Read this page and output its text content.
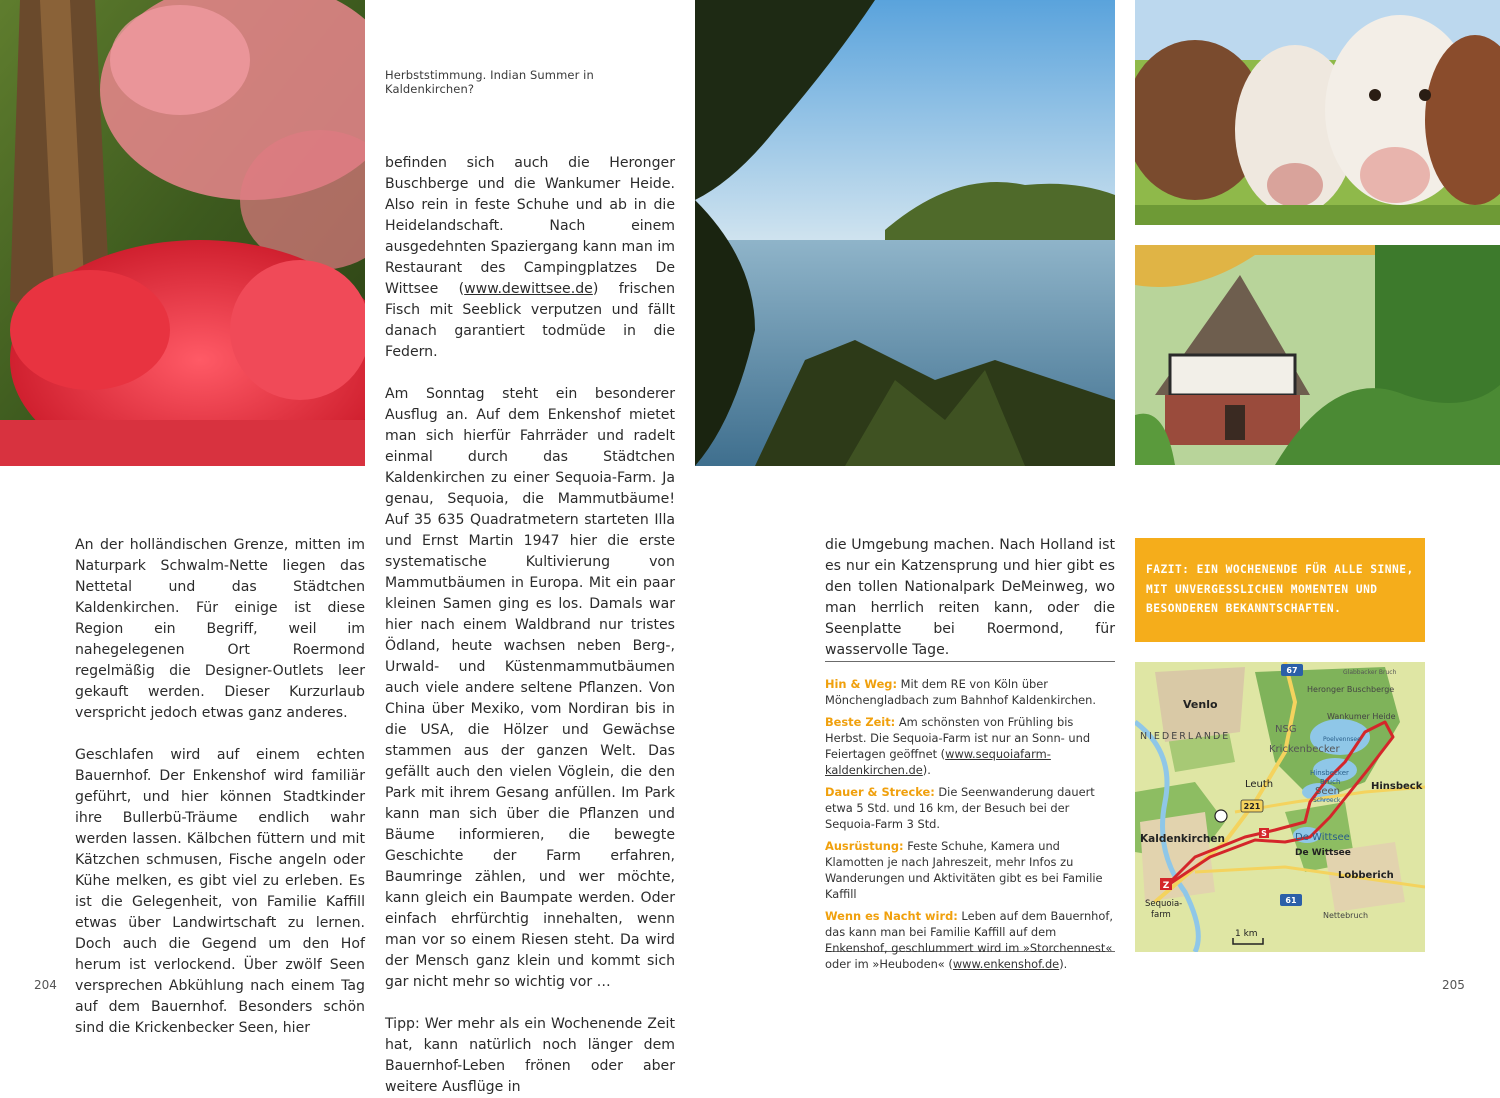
Herbststimmung. Indian Summer in Kaldenkirchen?

An der holländischen Grenze, mitten im Naturpark Schwalm-Nette liegen das Nettetal und das Städtchen Kaldenkirchen. Für einige ist diese Region ein Begriff, weil im nahegelegenen Ort Roermond regelmäßig die Designer-Outlets leer gekauft werden. Dieser Kurzurlaub verspricht jedoch etwas ganz anderes.

Geschlafen wird auf einem echten Bauernhof. Der Enkenshof wird familiär geführt, und hier können Stadtkinder ihre Bullerbü-Träume endlich wahr werden lassen. Kälbchen füttern und mit Kätzchen schmusen, Fische angeln oder Kühe melken, es gibt viel zu erleben. Es ist die Gelegenheit, von Familie Kaffill etwas über Landwirtschaft zu lernen. Doch auch die Gegend um den Hof herum ist verlockend. Über zwölf Seen versprechen Abkühlung nach einem Tag auf dem Bauernhof. Besonders schön sind die Krickenbecker Seen, hier

befinden sich auch die Heronger Buschberge und die Wankumer Heide. Also rein in feste Schuhe und ab in die Heidelandschaft. Nach einem ausgedehnten Spaziergang kann man im Restaurant des Campingplatzes De Wittsee (www.dewittsee.de) frischen Fisch mit Seeblick verputzen und fällt danach garantiert todmüde in die Federn.

Am Sonntag steht ein besonderer Ausflug an. Auf dem Enkenshof mietet man sich hierfür Fahrräder und radelt einmal durch das Städtchen Kaldenkirchen zu einer Sequoia-Farm. Ja genau, Sequoia, die Mammutbäume! Auf 35 635 Quadratmetern starteten Illa und Ernst Martin 1947 hier die erste systematische Kultivierung von Mammutbäumen in Europa. Mit ein paar kleinen Samen ging es los. Damals war hier nach einem Waldbrand nur tristes Ödland, heute wachsen neben Berg-, Urwald- und Küstenmammutbäumen auch viele andere seltene Pflanzen. Von China über Mexiko, vom Nordiran bis in die USA, die Hölzer und Gewächse stammen aus der ganzen Welt. Das gefällt auch den vielen Vöglein, die den Park mit ihrem Gesang anfüllen. Im Park kann man sich über die Pflanzen und Bäume informieren, die bewegte Geschichte der Farm erfahren, Baumringe zählen, und wer möchte, kann gleich ein Baumpate werden. Oder einfach ehrfürchtig innehalten, wenn man vor so einem Riesen steht. Da wird der Mensch ganz klein und kommt sich gar nicht mehr so wichtig vor …

Tipp: Wer mehr als ein Wochenende Zeit hat, kann natürlich noch länger dem Bauernhof-Leben frönen oder aber weitere Ausflüge in

die Umgebung machen. Nach Holland ist es nur ein Katzensprung und hier gibt es den tollen Nationalpark DeMeinweg, wo man herrlich reiten kann, oder die Seenplatte bei Roermond, für wasservolle Tage.

Hin & Weg: Mit dem RE von Köln über Mönchengladbach zum Bahnhof Kaldenkirchen.
Beste Zeit: Am schönsten von Frühling bis Herbst. Die Sequoia-Farm ist nur an Sonn- und Feiertagen geöffnet (www.sequoiafarm-kaldenkirchen.de).
Dauer & Strecke: Die Seenwanderung dauert etwa 5 Std. und 16 km, der Besuch bei der Sequoia-Farm 3 Std.
Ausrüstung: Feste Schuhe, Kamera und Klamotten je nach Jahreszeit, mehr Infos zu Wanderungen und Aktivitäten gibt es bei Familie Kaffill
Wenn es Nacht wird: Leben auf dem Bauernhof, das kann man bei Familie Kaffill auf dem Enkenshof, geschlummert wird im »Storchennest« oder im »Heuboden« (www.enkenshof.de).
FAZIT: EIN WOCHENENDE FÜR ALLE SINNE,
MIT UNVERGESSLICHEN MOMENTEN UND
BESONDEREN BEKANNTSCHAFTEN.
67
221
61
Z
S
Venlo
NIEDERLANDE
Glabbacker Bruch
Heronger Buschberge
Wankumer Heide
NSG
Krickenbecker
Poelvennsee
Hinsbecker
Bruch
Seen
Schroeck
Leuth	Hinsbeck
Kaldenkirchen	De Wittsee
De Wittsee
Lobberich
Sequoia-
farm	Nettebruch
1 km
204	205
